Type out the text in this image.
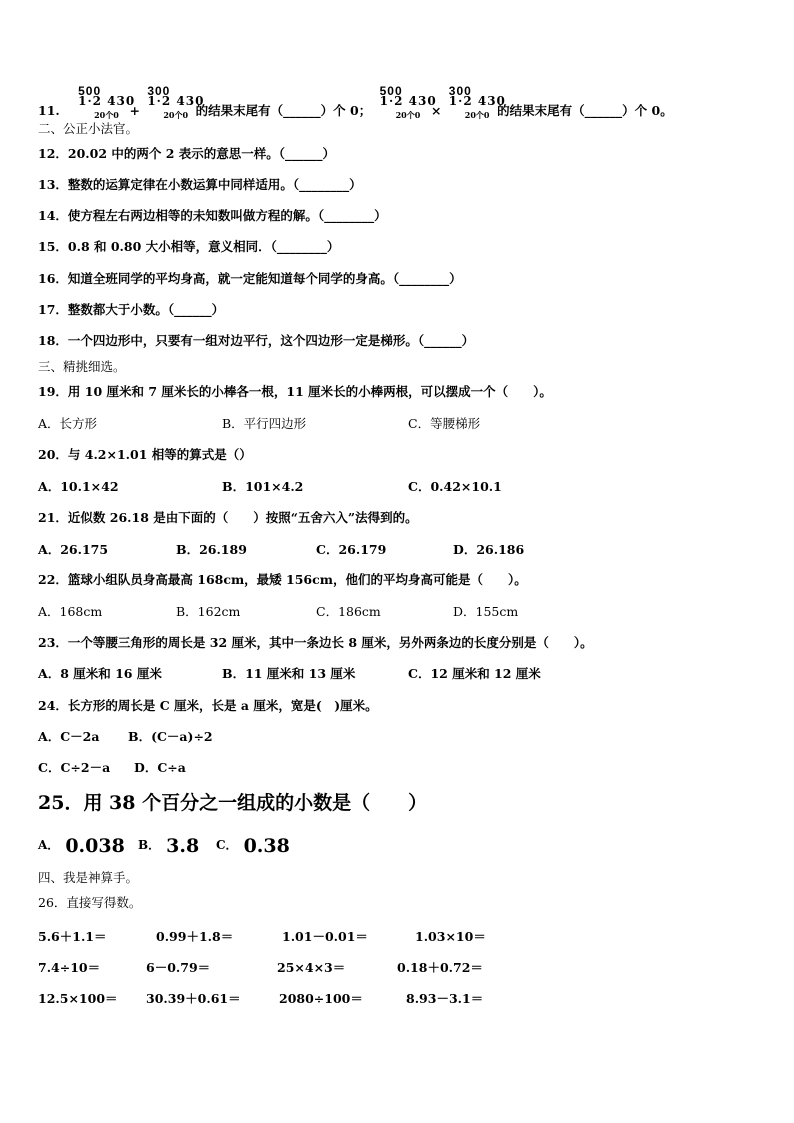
11.
500
1·2 430
20个0 +
300
1·2 430
20个0 的结果末尾有（______）个 0；
500
1·2 430
20个0 ×
300
1·2 430
20个0 的结果末尾有（______）个 0。
二、公正小法官。
12．20.02 中的两个 2 表示的意思一样。（______）
13．整数的运算定律在小数运算中同样适用。（________）
14．使方程左右两边相等的未知数叫做方程的解。（________）
15．0.8 和 0.80 大小相等，意义相同．（________）
16．知道全班同学的平均身高，就一定能知道每个同学的身高。（________）
17．整数都大于小数。（______）
18．一个四边形中，只要有一组对边平行，这个四边形一定是梯形。（______）
三、精挑细选。
19．用 10 厘米和 7 厘米长的小棒各一根，11 厘米长的小棒两根，可以摆成一个（　　）。
A．长方形	B．平行四边形	C．等腰梯形
20．与 4.2×1.01 相等的算式是（）
A．10.1×42	B．101×4.2	C．0.42×10.1
21．近似数 26.18 是由下面的（　　）按照“五舍六入”法得到的。
A．26.175	B．26.189	C．26.179	D．26.186
22．篮球小组队员身高最高 168cm，最矮 156cm，他们的平均身高可能是（　　）。
A．168cm	B．162cm	C．186cm	D．155cm
23．一个等腰三角形的周长是 32 厘米，其中一条边长 8 厘米，另外两条边的长度分别是（　　）。
A．8 厘米和 16 厘米	B．11 厘米和 13 厘米	C．12 厘米和 12 厘米
24．长方形的周长是 C 厘米，长是 a 厘米，宽是(　)厘米。
A．C－2a B．(C－a)÷2
C．C÷2－a D．C÷a
25．用 38 个百分之一组成的小数是（　　）
A． 0.038 B． 3.8 C． 0.38
四、我是神算手。
26．直接写得数。
5.6＋1.1＝	0.99＋1.8＝	1.01－0.01＝	1.03×10＝
7.4÷10＝	6－0.79＝	25×4×3＝	0.18＋0.72＝
12.5×100＝ 30.39＋0.61＝	2080÷100＝	8.93－3.1＝
